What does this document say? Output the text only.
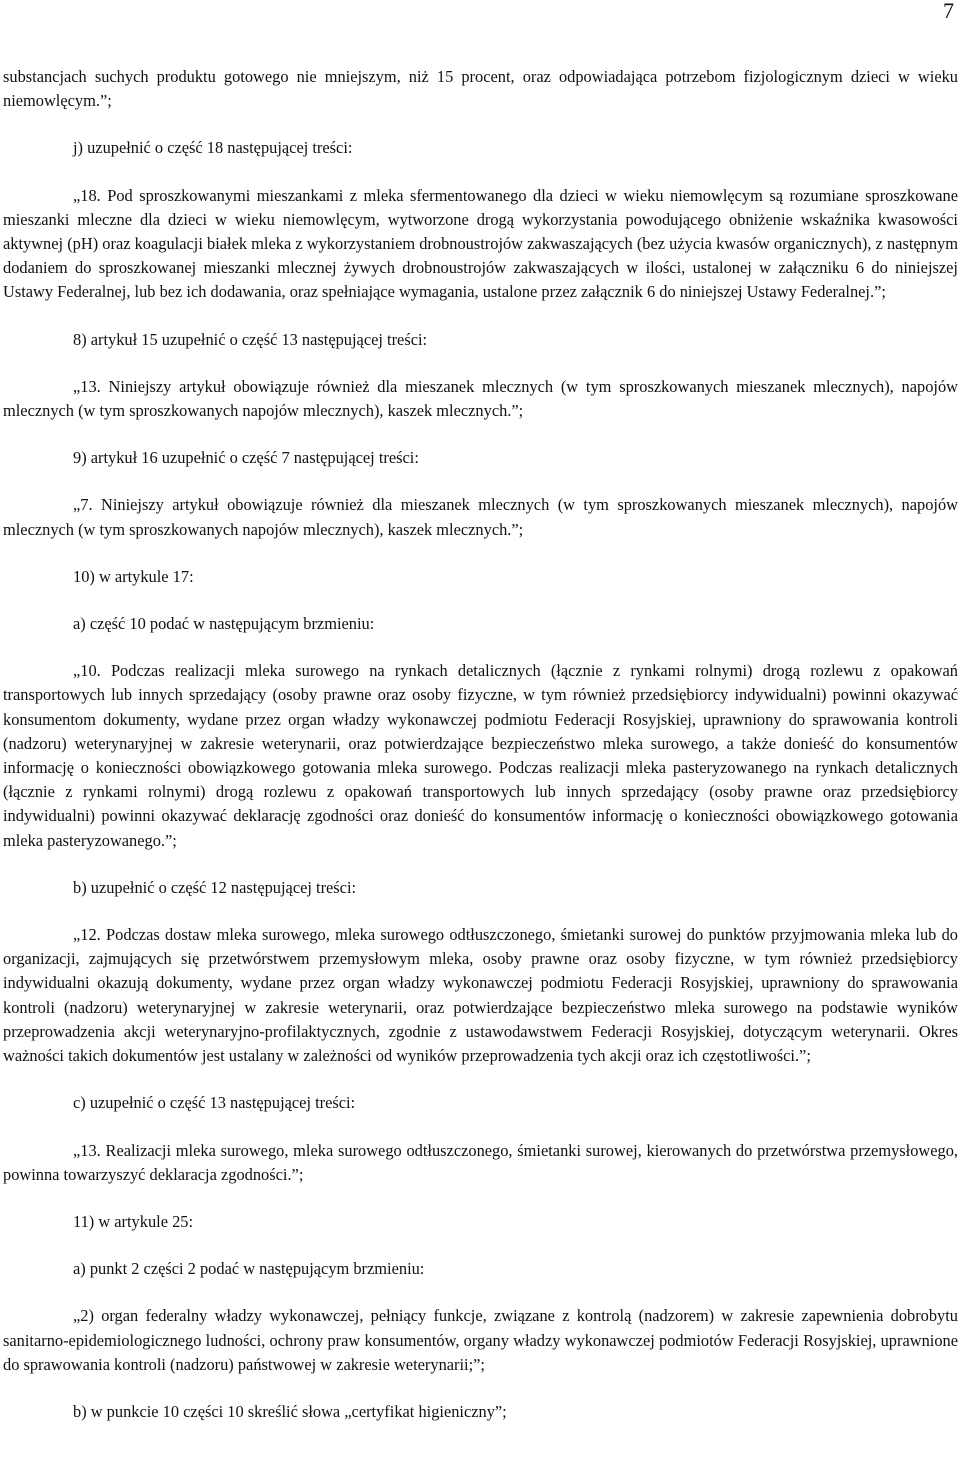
7

substancjach suchych produktu gotowego nie mniejszym, niż 15 procent, oraz odpowiadająca potrzebom fizjologicznym dzieci w wieku niemowlęcym.”;

j) uzupełnić o część 18 następującej treści:

„18. Pod sproszkowanymi mieszankami z mleka sfermentowanego dla dzieci w wieku niemowlęcym są rozumiane sproszkowane mieszanki mleczne dla dzieci w wieku niemowlęcym, wytworzone drogą wykorzystania powodującego obniżenie wskaźnika kwasowości aktywnej (pH) oraz koagulacji białek mleka z wykorzystaniem drobnoustrojów zakwaszających (bez użycia kwasów organicznych), z następnym dodaniem do sproszkowanej mieszanki mlecznej żywych drobnoustrojów zakwaszających w ilości, ustalonej w załączniku 6 do niniejszej Ustawy Federalnej, lub bez ich dodawania, oraz spełniające wymagania, ustalone przez załącznik 6 do niniejszej Ustawy Federalnej.”;

8) artykuł 15 uzupełnić o część 13 następującej treści:

„13. Niniejszy artykuł obowiązuje również dla mieszanek mlecznych (w tym sproszkowanych mieszanek mlecznych), napojów mlecznych (w tym sproszkowanych napojów mlecznych), kaszek mlecznych.”;

9) artykuł 16 uzupełnić o część 7 następującej treści:

„7. Niniejszy artykuł obowiązuje również dla mieszanek mlecznych (w tym sproszkowanych mieszanek mlecznych), napojów mlecznych (w tym sproszkowanych napojów mlecznych), kaszek mlecznych.”;

10) w artykule 17:

a) część 10 podać w następującym brzmieniu:

„10. Podczas realizacji mleka surowego na rynkach detalicznych (łącznie z rynkami rolnymi) drogą rozlewu z opakowań transportowych lub innych sprzedający (osoby prawne oraz osoby fizyczne, w tym również przedsiębiorcy indywidualni) powinni okazywać konsumentom dokumenty, wydane przez organ władzy wykonawczej podmiotu Federacji Rosyjskiej, uprawniony do sprawowania kontroli (nadzoru) weterynaryjnej w zakresie weterynarii, oraz potwierdzające bezpieczeństwo mleka surowego, a także donieść do konsumentów informację o konieczności obowiązkowego gotowania mleka surowego. Podczas realizacji mleka pasteryzowanego na rynkach detalicznych (łącznie z rynkami rolnymi) drogą rozlewu z opakowań transportowych lub innych sprzedający (osoby prawne oraz przedsiębiorcy indywidualni) powinni okazywać deklarację zgodności oraz donieść do konsumentów informację o konieczności obowiązkowego gotowania mleka pasteryzowanego.”;

b) uzupełnić o część 12 następującej treści:

„12. Podczas dostaw mleka surowego, mleka surowego odtłuszczonego, śmietanki surowej do punktów przyjmowania mleka lub do organizacji, zajmujących się przetwórstwem przemysłowym mleka, osoby prawne oraz osoby fizyczne, w tym również przedsiębiorcy indywidualni okazują dokumenty, wydane przez organ władzy wykonawczej podmiotu Federacji Rosyjskiej, uprawniony do sprawowania kontroli (nadzoru) weterynaryjnej w zakresie weterynarii, oraz potwierdzające bezpieczeństwo mleka surowego na podstawie wyników przeprowadzenia akcji weterynaryjno-profilaktycznych, zgodnie z ustawodawstwem Federacji Rosyjskiej, dotyczącym weterynarii. Okres ważności takich dokumentów jest ustalany w zależności od wyników przeprowadzenia tych akcji oraz ich częstotliwości.”;

c) uzupełnić o część 13 następującej treści:

„13. Realizacji mleka surowego, mleka surowego odtłuszczonego, śmietanki surowej, kierowanych do przetwórstwa przemysłowego, powinna towarzyszyć deklaracja zgodności.”;

11) w artykule 25:

a) punkt 2 części 2 podać w następującym brzmieniu:

„2) organ federalny władzy wykonawczej, pełniący funkcje, związane z kontrolą (nadzorem) w zakresie zapewnienia dobrobytu sanitarno-epidemiologicznego ludności, ochrony praw konsumentów, organy władzy wykonawczej podmiotów Federacji Rosyjskiej, uprawnione do sprawowania kontroli (nadzoru) państwowej w zakresie weterynarii;”;

b) w punkcie 10 części 10 skreślić słowa „certyfikat higieniczny”;
